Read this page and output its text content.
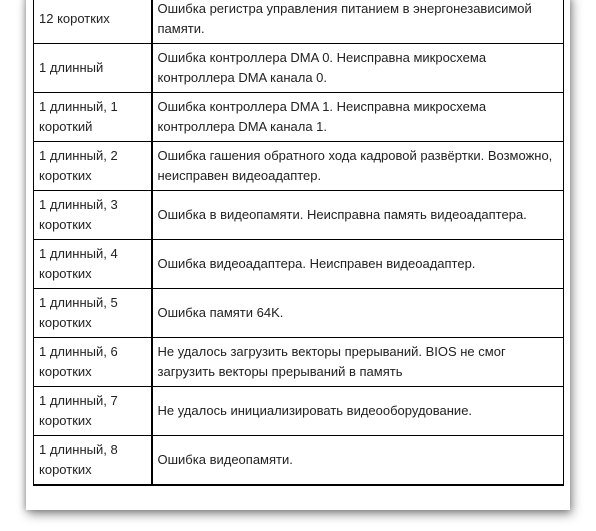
12 коротких	Ошибка регистра управления питанием в энергонезависимой памяти.
1 длинный	Ошибка контроллера DMA 0. Неисправна микросхема контроллера DMA канала 0.
1 длинный, 1 короткий	Ошибка контроллера DMA 1. Неисправна микросхема контроллера DMA канала 1.
1 длинный, 2 коротких	Ошибка гашения обратного хода кадровой развёртки. Возможно, неисправен видеоадаптер.
1 длинный, 3 коротких	Ошибка в видеопамяти. Неисправна память видеоадаптера.
1 длинный, 4 коротких	Ошибка видеоадаптера. Неисправен видеоадаптер.
1 длинный, 5 коротких	Ошибка памяти 64K.
1 длинный, 6 коротких	Не удалось загрузить векторы прерываний. BIOS не смог загрузить векторы прерываний в память
1 длинный, 7 коротких	Не удалось инициализировать видеооборудование.
1 длинный, 8 коротких	Ошибка видеопамяти.
